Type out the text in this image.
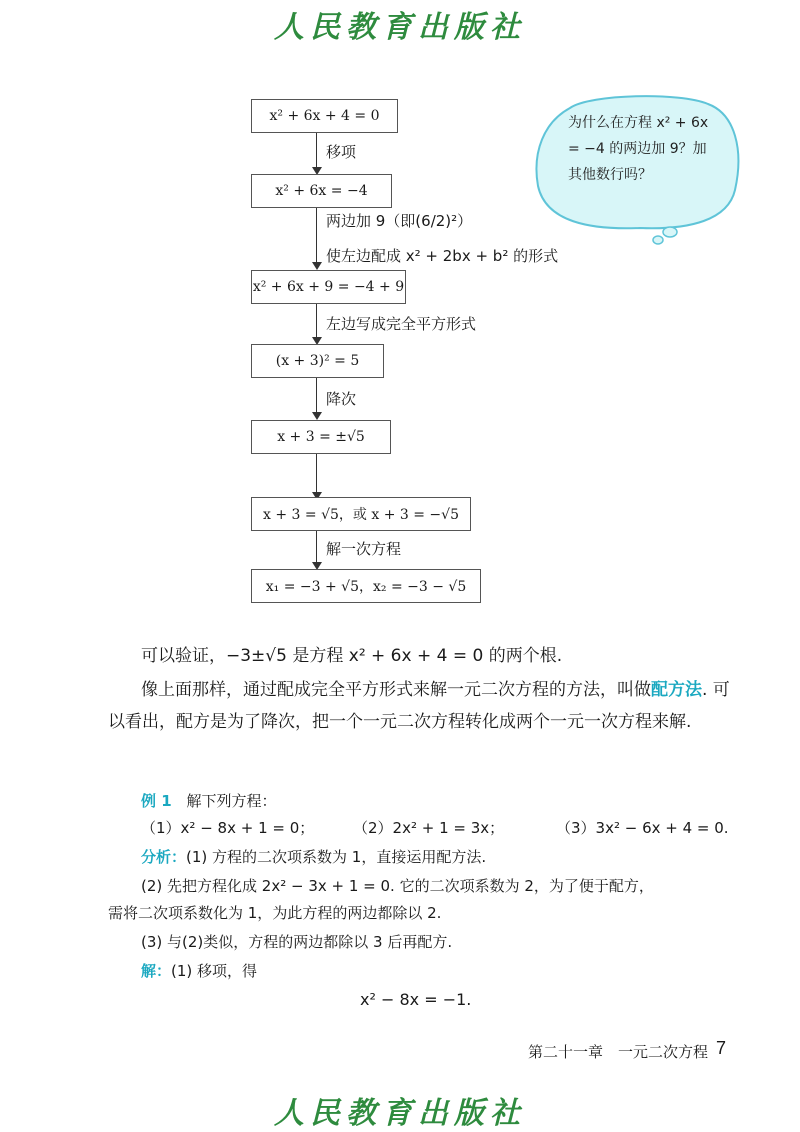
人民教育出版社
人民教育出版社
x² + 6x + 4 = 0
移项
x² + 6x = −4
两边加 9（即(6/2)²）
使左边配成 x² + 2bx + b² 的形式
x² + 6x + 9 = −4 + 9
左边写成完全平方形式
(x + 3)² = 5
降次
x + 3 = ±√5
x + 3 = √5，或 x + 3 = −√5
解一次方程
x₁ = −3 + √5，x₂ = −3 − √5
为什么在方程 x² + 6x = −4 的两边加 9？加其他数行吗？
可以验证，−3±√5 是方程 x² + 6x + 4 = 0 的两个根.
像上面那样，通过配成完全平方形式来解一元二次方程的方法，叫做配方法. 可以看出，配方是为了降次，把一个一元二次方程转化成两个一元一次方程来解.
例 1 解下列方程：
（1）x² − 8x + 1 = 0；	（2）2x² + 1 = 3x；	（3）3x² − 6x + 4 = 0.
分析：(1) 方程的二次项系数为 1，直接运用配方法.
(2) 先把方程化成 2x² − 3x + 1 = 0. 它的二次项系数为 2，为了便于配方，
需将二次项系数化为 1，为此方程的两边都除以 2.
(3) 与(2)类似，方程的两边都除以 3 后再配方.
解：(1) 移项，得
x² − 8x = −1.
第二十一章　一元二次方程 7
